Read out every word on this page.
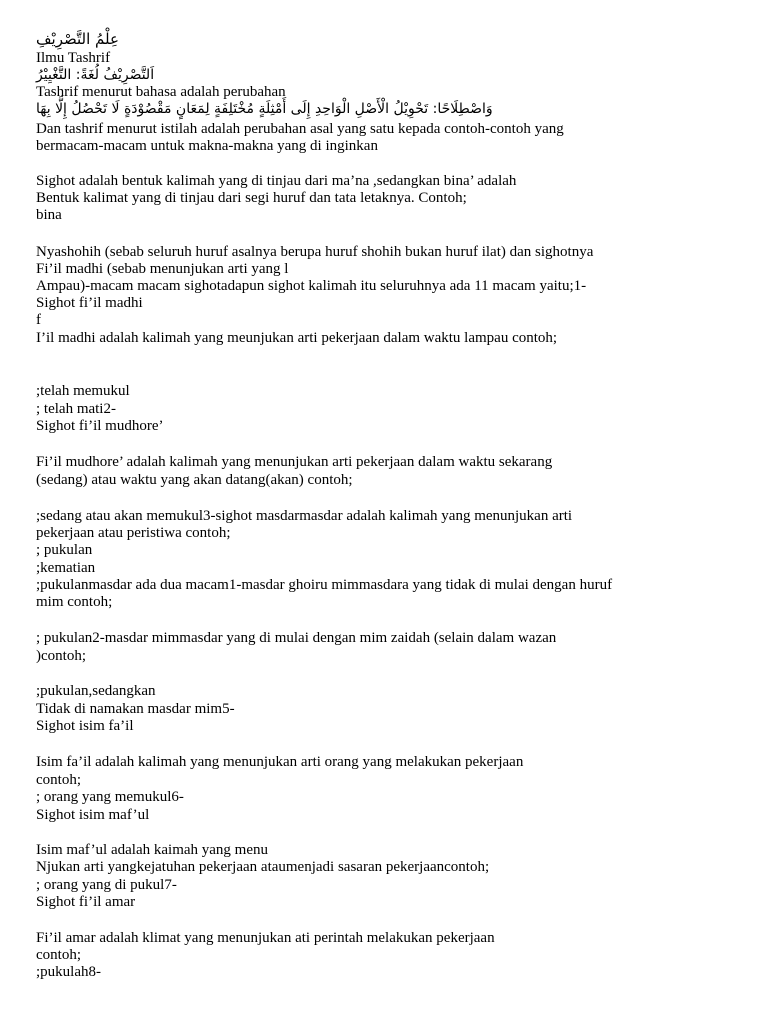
عِلْمُ التَّصْرِيْفِ

Ilmu Tashrif

اَلتَّصْرِيْفُ لُغَةً: التَّغْيِيْرُ

Tashrif menurut bahasa adalah perubahan

وَاصْطِلَاحًا: تَحْوِيْلُ الْأَصْلِ الْوَاحِدِ إِلَى أَمْثِلَةٍ مُخْتَلِفَةٍ لِمَعَانٍ مَقْصُوْدَةٍ لَا تَحْصُلُ إِلَّا بِهَا

Dan tashrif menurut istilah adalah perubahan asal yang satu kepada contoh-contoh yang

bermacam-macam untuk makna-makna yang di inginkan

Sighot adalah bentuk kalimah yang di tinjau dari ma’na ,sedangkan bina’ adalah

Bentuk kalimat yang di tinjau dari segi huruf dan tata letaknya. Contoh;

bina

Nyashohih (sebab seluruh huruf asalnya berupa huruf shohih bukan huruf ilat) dan sighotnya

Fi’il madhi (sebab menunjukan arti yang l

Ampau)-macam macam sighotadapun sighot kalimah itu seluruhnya ada 11 macam yaitu;1-

Sighot fi’il madhi

f

I’il madhi adalah kalimah yang meunjukan arti pekerjaan dalam waktu lampau contoh;

;telah memukul

; telah mati2-

Sighot fi’il mudhore’

Fi’il mudhore’ adalah kalimah yang menunjukan arti pekerjaan dalam waktu sekarang

(sedang) atau waktu yang akan datang(akan) contoh;

;sedang atau akan memukul3-sighot masdarmasdar adalah kalimah yang menunjukan arti

pekerjaan atau peristiwa contoh;

; pukulan

;kematian

;pukulanmasdar ada dua macam1-masdar ghoiru mimmasdara yang tidak di mulai dengan huruf

mim contoh;

; pukulan2-masdar mimmasdar yang di mulai dengan mim zaidah (selain dalam wazan

)contoh;

;pukulan,sedangkan

Tidak di namakan masdar mim5-

Sighot isim fa’il

Isim fa’il adalah kalimah yang menunjukan arti orang yang melakukan pekerjaan

contoh;

; orang yang memukul6-

Sighot isim maf’ul

Isim maf’ul adalah kaimah yang menu

Njukan arti yangkejatuhan pekerjaan ataumenjadi sasaran pekerjaancontoh;

; orang yang di pukul7-

Sighot fi’il amar

Fi’il amar adalah klimat yang menunjukan ati perintah melakukan pekerjaan

contoh;

;pukulah8-
